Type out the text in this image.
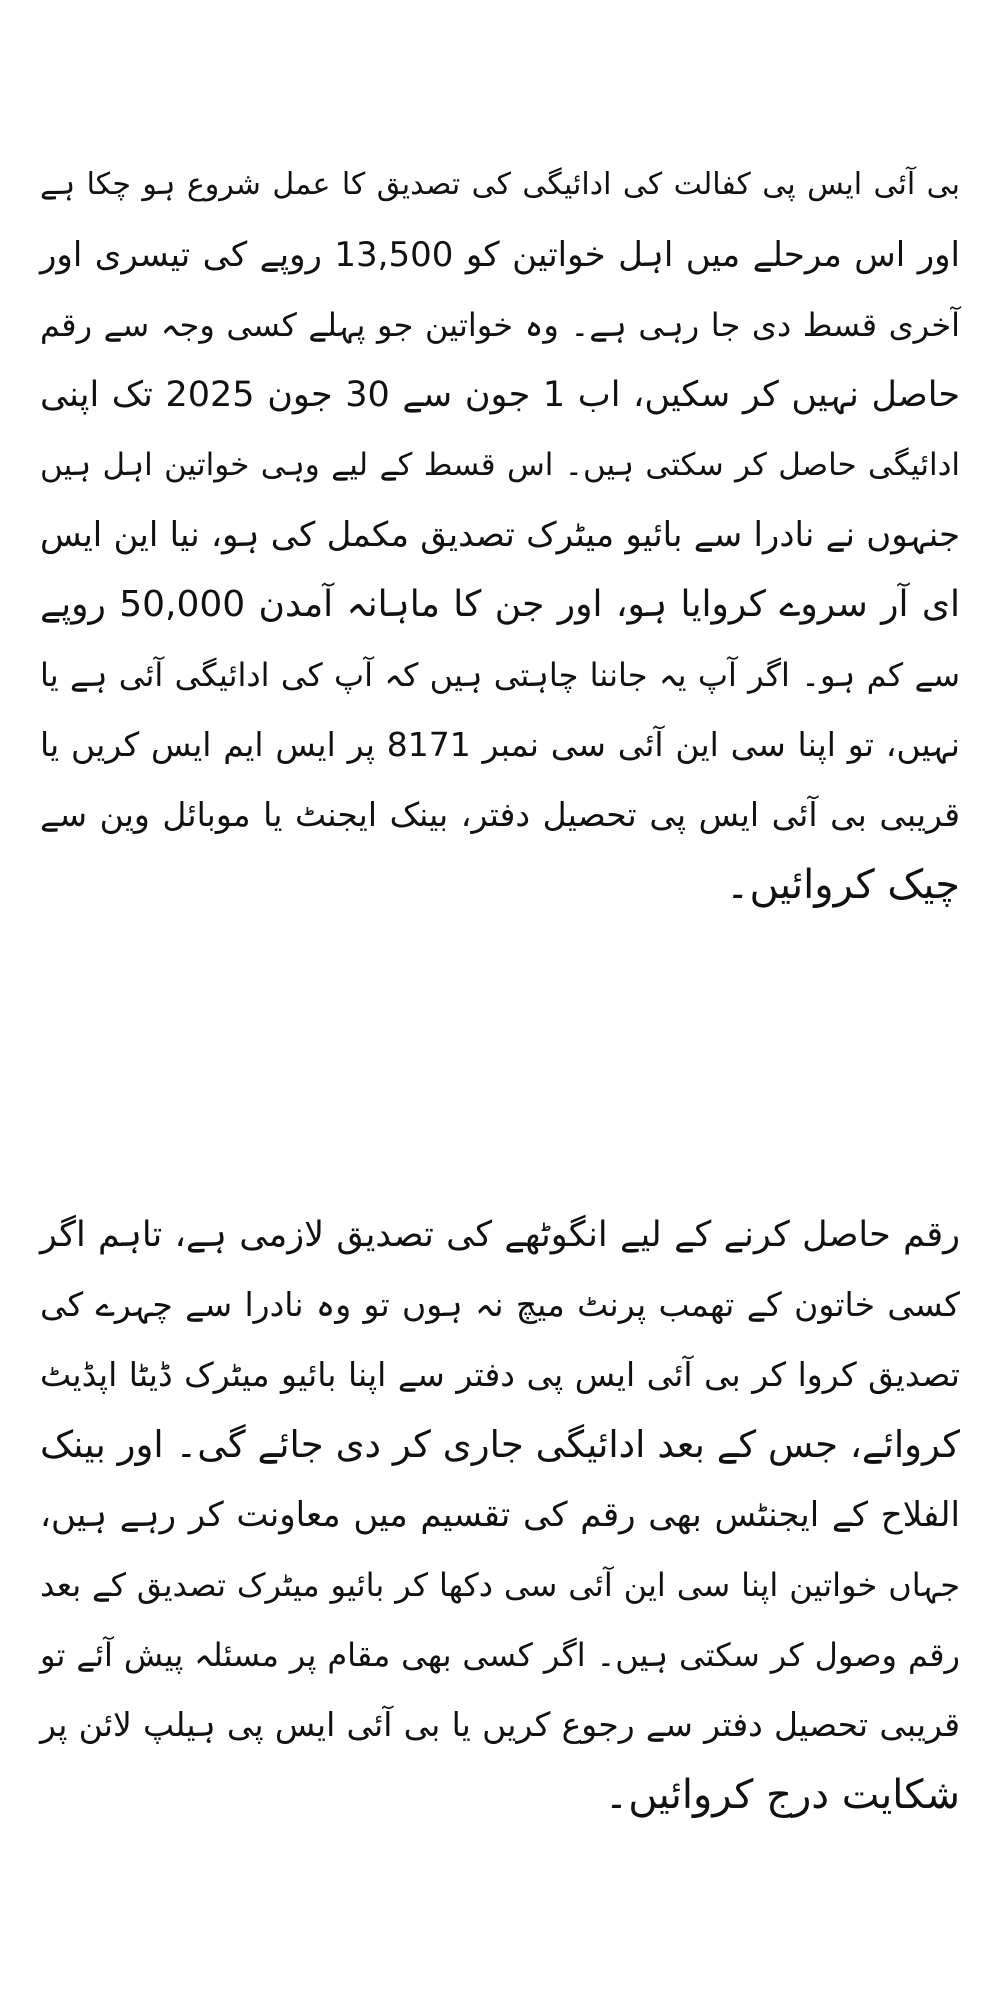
بی آئی ایس پی کفالت کی ادائیگی کی تصدیق کا عمل شروع ہو چکا ہے
اور اس مرحلے میں اہل خواتین کو 13,500 روپے کی تیسری اور
آخری قسط دی جا رہی ہے۔ وہ خواتین جو پہلے کسی وجہ سے رقم
حاصل نہیں کر سکیں، اب 1 جون سے 30 جون 2025 تک اپنی
ادائیگی حاصل کر سکتی ہیں۔ اس قسط کے لیے وہی خواتین اہل ہیں
جنہوں نے نادرا سے بائیو میٹرک تصدیق مکمل کی ہو، نیا این ایس
ای آر سروے کروایا ہو، اور جن کا ماہانہ آمدن 50,000 روپے
سے کم ہو۔ اگر آپ یہ جاننا چاہتی ہیں کہ آپ کی ادائیگی آئی ہے یا
نہیں، تو اپنا سی این آئی سی نمبر 8171 پر ایس ایم ایس کریں یا
قریبی بی آئی ایس پی تحصیل دفتر، بینک ایجنٹ یا موبائل وین سے
چیک کروائیں۔
رقم حاصل کرنے کے لیے انگوٹھے کی تصدیق لازمی ہے، تاہم اگر
کسی خاتون کے تھمب پرنٹ میچ نہ ہوں تو وہ نادرا سے چہرے کی
تصدیق کروا کر بی آئی ایس پی دفتر سے اپنا بائیو میٹرک ڈیٹا اپڈیٹ
کروائے، جس کے بعد ادائیگی جاری کر دی جائے گی۔ اور بینک
الفلاح کے ایجنٹس بھی رقم کی تقسیم میں معاونت کر رہے ہیں،
جہاں خواتین اپنا سی این آئی سی دکھا کر بائیو میٹرک تصدیق کے بعد
رقم وصول کر سکتی ہیں۔ اگر کسی بھی مقام پر مسئلہ پیش آئے تو
قریبی تحصیل دفتر سے رجوع کریں یا بی آئی ایس پی ہیلپ لائن پر
شکایت درج کروائیں۔
